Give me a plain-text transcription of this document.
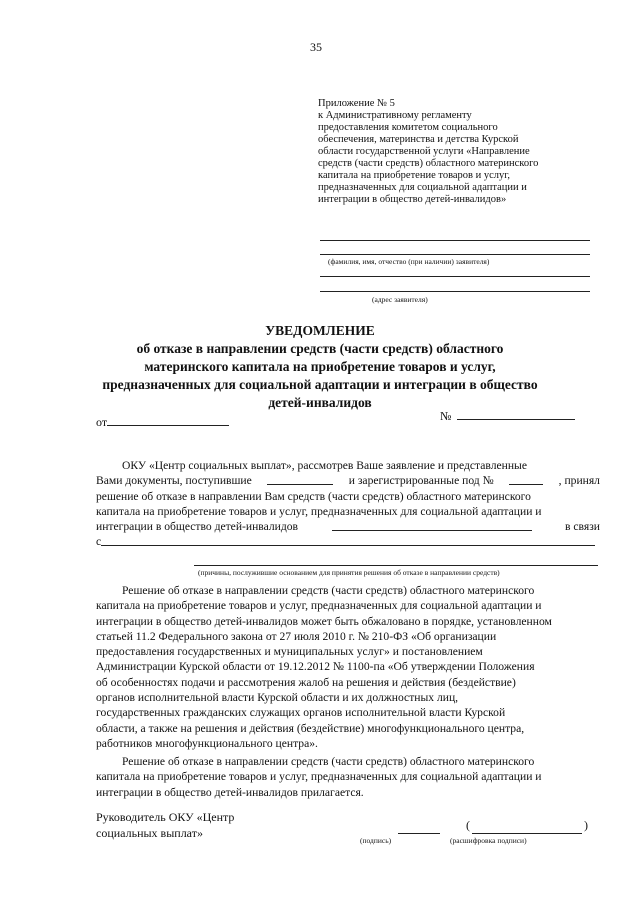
35
Приложение № 5
к Административному регламенту
предоставления комитетом социального
обеспечения, материнства и детства Курской
области государственной услуги «Направление
средств (части средств) областного материнского
капитала на приобретение товаров и услуг,
предназначенных для социальной адаптации и
интеграции в общество детей-инвалидов»
(фамилия, имя, отчество (при наличии) заявителя)
(адрес заявителя)
УВЕДОМЛЕНИЕ
об отказе в направлении средств (части средств) областного
материнского капитала на приобретение товаров и услуг,
предназначенных для социальной адаптации и интеграции в общество
детей-инвалидов
от	№
ОКУ «Центр социальных выплат», рассмотрев Ваше заявление и представленные
Вами документы, поступившие	и зарегистрированные под №	, принял
решение об отказе в направлении Вам средств (части средств) областного материнского
капитала на приобретение товаров и услуг, предназначенных для социальной адаптации и
интеграции в общество детей-инвалидов	в связи
с
(причины, послужившие основанием для принятия решения об отказе в направлении средств)
Решение об отказе в направлении средств (части средств) областного материнского
капитала на приобретение товаров и услуг, предназначенных для социальной адаптации и
интеграции в общество детей-инвалидов может быть обжаловано в порядке, установленном
статьей 11.2 Федерального закона от 27 июля 2010 г. № 210-ФЗ «Об организации
предоставления государственных и муниципальных услуг» и постановлением
Администрации Курской области от 19.12.2012 № 1100-па «Об утверждении Положения
об особенностях подачи и рассмотрения жалоб на решения и действия (бездействие)
органов исполнительной власти Курской области и их должностных лиц,
государственных гражданских служащих органов исполнительной власти Курской
области, а также на решения и действия (бездействие) многофункционального центра,
работников многофункционального центра».
Решение об отказе в направлении средств (части средств) областного материнского
капитала на приобретение товаров и услуг, предназначенных для социальной адаптации и
интеграции в общество детей-инвалидов прилагается.
Руководитель ОКУ «Центр
социальных выплат»
(подпись)
(	)
(расшифровка подписи)
